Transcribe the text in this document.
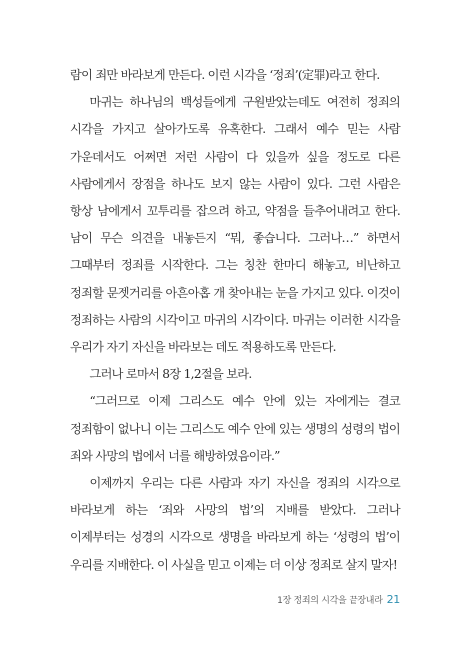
람이 죄만 바라보게 만든다. 이런 시각을 ‘정죄’(定罪)라고 한다.

마귀는 하나님의 백성들에게 구원받았는데도 여전히 정죄의 시각을 가지고 살아가도록 유혹한다. 그래서 예수 믿는 사람 가운데서도 어쩌면 저런 사람이 다 있을까 싶을 정도로 다른 사람에게서 장점을 하나도 보지 않는 사람이 있다. 그런 사람은 항상 남에게서 꼬투리를 잡으려 하고, 약점을 들추어내려고 한다. 남이 무슨 의견을 내놓든지 “뭐, 좋습니다. 그러나…” 하면서 그때부터 정죄를 시작한다. 그는 칭찬 한마디 해놓고, 비난하고 정죄할 문젯거리를 아흔아홉 개 찾아내는 눈을 가지고 있다. 이것이 정죄하는 사람의 시각이고 마귀의 시각이다. 마귀는 이러한 시각을 우리가 자기 자신을 바라보는 데도 적용하도록 만든다.

그러나 로마서 8장 1,2절을 보라.

“그러므로 이제 그리스도 예수 안에 있는 자에게는 결코 정죄함이 없나니 이는 그리스도 예수 안에 있는 생명의 성령의 법이 죄와 사망의 법에서 너를 해방하였음이라.”

이제까지 우리는 다른 사람과 자기 자신을 정죄의 시각으로 바라보게 하는 ‘죄와 사망의 법’의 지배를 받았다. 그러나 이제부터는 성경의 시각으로 생명을 바라보게 하는 ‘성령의 법’이 우리를 지배한다. 이 사실을 믿고 이제는 더 이상 정죄로 살지 말자!

1장 정죄의 시각을 끝장내라 21
